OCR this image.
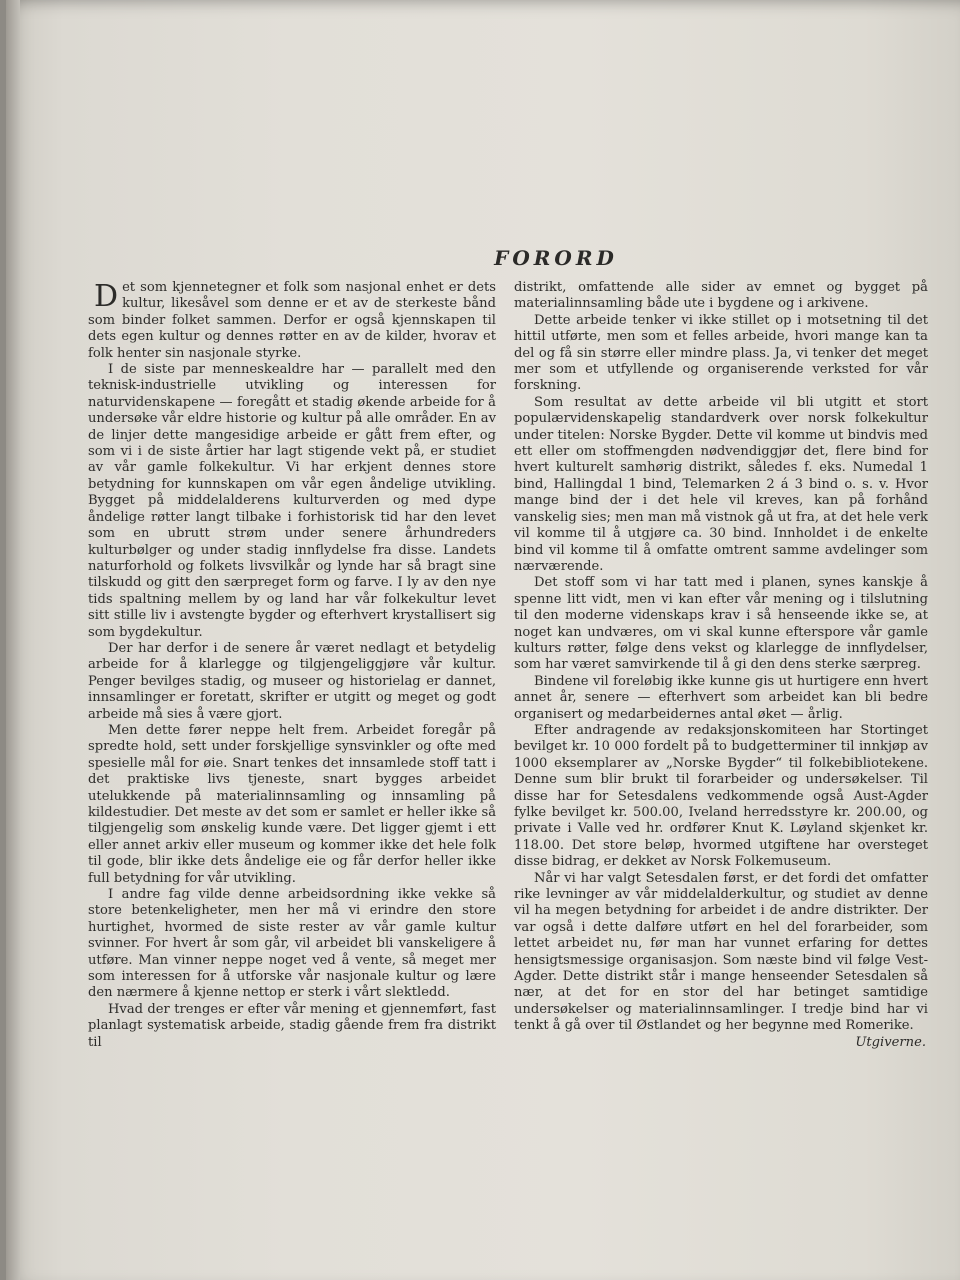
FORORD

Det som kjennetegner et folk som nasjonal enhet er dets kultur, likesåvel som denne er et av de sterkeste bånd som binder folket sammen. Derfor er også kjennskapen til dets egen kultur og dennes røtter en av de kilder, hvorav et folk henter sin nasjonale styrke.

I de siste par menneskealdre har — parallelt med den teknisk-industrielle utvikling og interessen for naturvidenskapene — foregått et stadig økende arbeide for å undersøke vår eldre historie og kultur på alle områder. En av de linjer dette mangesidige arbeide er gått frem efter, og som vi i de siste årtier har lagt stigende vekt på, er studiet av vår gamle folkekultur. Vi har erkjent dennes store betydning for kunnskapen om vår egen åndelige utvikling. Bygget på middelalderens kulturverden og med dype åndelige røtter langt tilbake i forhistorisk tid har den levet som en ubrutt strøm under senere århundreders kulturbølger og under stadig innflydelse fra disse. Landets naturforhold og folkets livsvilkår og lynde har så bragt sine tilskudd og gitt den særpreget form og farve. I ly av den nye tids spaltning mellem by og land har vår folkekultur levet sitt stille liv i avstengte bygder og efterhvert krystallisert sig som bygdekultur.

Der har derfor i de senere år været nedlagt et betydelig arbeide for å klarlegge og tilgjengeliggjøre vår kultur. Penger bevilges stadig, og museer og historielag er dannet, innsamlinger er foretatt, skrifter er utgitt og meget og godt arbeide må sies å være gjort.

Men dette fører neppe helt frem. Arbeidet foregår på spredte hold, sett under forskjellige synsvinkler og ofte med spesielle mål for øie. Snart tenkes det innsamlede stoff tatt i det praktiske livs tjeneste, snart bygges arbeidet utelukkende på materialinnsamling og innsamling på kildestudier. Det meste av det som er samlet er heller ikke så tilgjengelig som ønskelig kunde være. Det ligger gjemt i ett eller annet arkiv eller museum og kommer ikke det hele folk til gode, blir ikke dets åndelige eie og får derfor heller ikke full betydning for vår utvikling.

I andre fag vilde denne arbeidsordning ikke vekke så store betenkeligheter, men her må vi erindre den store hurtighet, hvormed de siste rester av vår gamle kultur svinner. For hvert år som går, vil arbeidet bli vanskeligere å utføre. Man vinner neppe noget ved å vente, så meget mer som interessen for å utforske vår nasjonale kultur og lære den nærmere å kjenne nettop er sterk i vårt slektledd.

Hvad der trenges er efter vår mening et gjennemført, fast planlagt systematisk arbeide, stadig gående frem fra distrikt til

distrikt, omfattende alle sider av emnet og bygget på materialinnsamling både ute i bygdene og i arkivene.

Dette arbeide tenker vi ikke stillet op i motsetning til det hittil utførte, men som et felles arbeide, hvori mange kan ta del og få sin større eller mindre plass. Ja, vi tenker det meget mer som et utfyllende og organiserende verksted for vår forskning.

Som resultat av dette arbeide vil bli utgitt et stort populærvidenskapelig standardverk over norsk folkekultur under titelen: Norske Bygder. Dette vil komme ut bindvis med ett eller om stoffmengden nødvendiggjør det, flere bind for hvert kulturelt samhørig distrikt, således f. eks. Numedal 1 bind, Hallingdal 1 bind, Telemarken 2 á 3 bind o. s. v. Hvor mange bind der i det hele vil kreves, kan på forhånd vanskelig sies; men man må vistnok gå ut fra, at det hele verk vil komme til å utgjøre ca. 30 bind. Innholdet i de enkelte bind vil komme til å omfatte omtrent samme avdelinger som nærværende.

Det stoff som vi har tatt med i planen, synes kanskje å spenne litt vidt, men vi kan efter vår mening og i tilslutning til den moderne videnskaps krav i så henseende ikke se, at noget kan undværes, om vi skal kunne efterspore vår gamle kulturs røtter, følge dens vekst og klarlegge de innflydelser, som har været samvirkende til å gi den dens sterke særpreg.

Bindene vil foreløbig ikke kunne gis ut hurtigere enn hvert annet år, senere — efterhvert som arbeidet kan bli bedre organisert og medarbeidernes antal øket — årlig.

Efter andragende av redaksjonskomiteen har Stortinget bevilget kr. 10 000 fordelt på to budgetterminer til innkjøp av 1000 eksemplarer av „Norske Bygder“ til folkebibliotekene. Denne sum blir brukt til forarbeider og undersøkelser. Til disse har for Setesdalens vedkommende også Aust-Agder fylke bevilget kr. 500.00, Iveland herredsstyre kr. 200.00, og private i Valle ved hr. ordfører Knut K. Løyland skjenket kr. 118.00. Det store beløp, hvormed utgiftene har oversteget disse bidrag, er dekket av Norsk Folkemuseum.

Når vi har valgt Setesdalen først, er det fordi det omfatter rike levninger av vår middelalderkultur, og studiet av denne vil ha megen betydning for arbeidet i de andre distrikter. Der var også i dette dalføre utført en hel del forarbeider, som lettet arbeidet nu, før man har vunnet erfaring for dettes hensigtsmessige organisasjon. Som næste bind vil følge Vest-Agder. Dette distrikt står i mange henseender Setesdalen så nær, at det for en stor del har betinget samtidige undersøkelser og materialinnsamlinger. I tredje bind har vi tenkt å gå over til Østlandet og her begynne med Romerike.

Utgiverne.
